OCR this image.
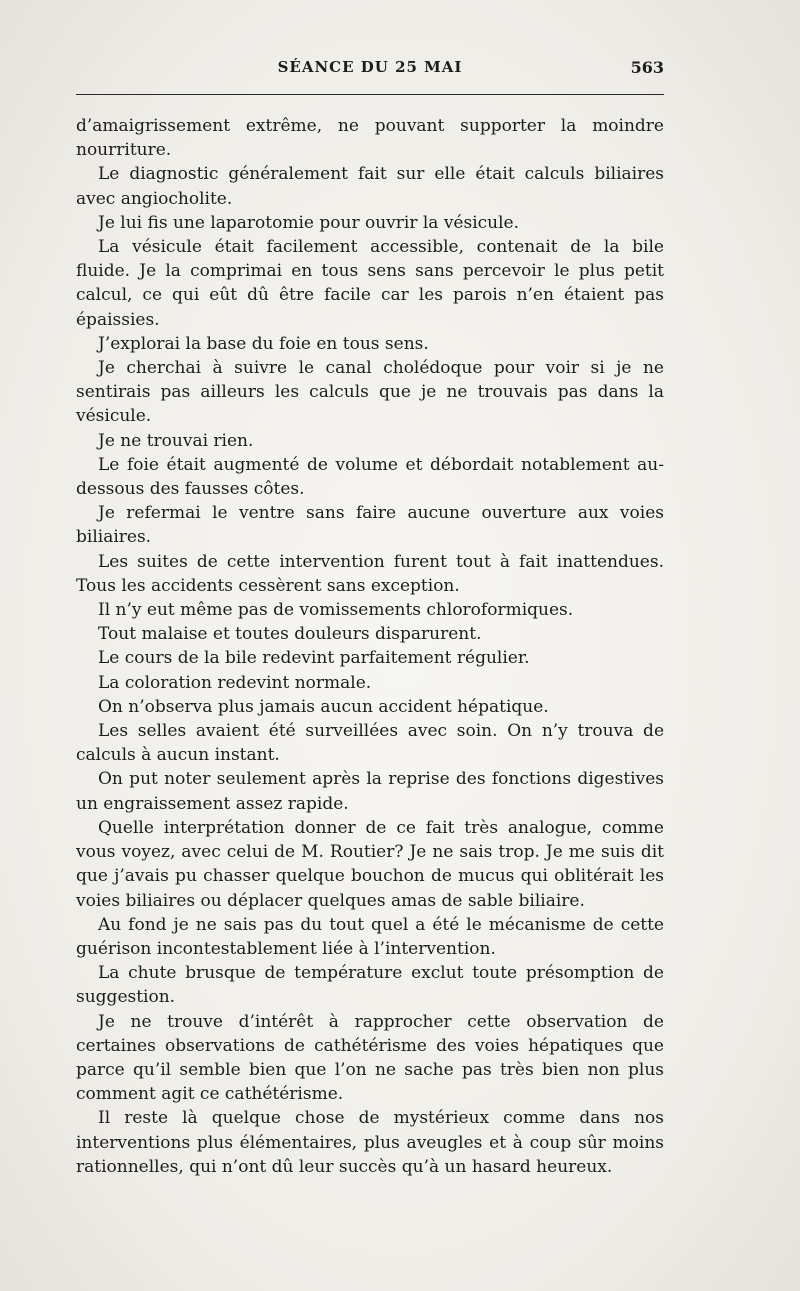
SÉANCE DU 25 MAI	563

d’amaigrissement extrême, ne pouvant supporter la moindre nourriture.

Le diagnostic généralement fait sur elle était calculs biliaires avec angiocholite.

Je lui fis une laparotomie pour ouvrir la vésicule.

La vésicule était facilement accessible, contenait de la bile fluide. Je la comprimai en tous sens sans percevoir le plus petit calcul, ce qui eût dû être facile car les parois n’en étaient pas épaissies.

J’explorai la base du foie en tous sens.

Je cherchai à suivre le canal cholédoque pour voir si je ne sentirais pas ailleurs les calculs que je ne trouvais pas dans la vésicule.

Je ne trouvai rien.

Le foie était augmenté de volume et débordait notablement au-dessous des fausses côtes.

Je refermai le ventre sans faire aucune ouverture aux voies biliaires.

Les suites de cette intervention furent tout à fait inattendues. Tous les accidents cessèrent sans exception.

Il n’y eut même pas de vomissements chloroformiques.

Tout malaise et toutes douleurs disparurent.

Le cours de la bile redevint parfaitement régulier.

La coloration redevint normale.

On n’observa plus jamais aucun accident hépatique.

Les selles avaient été surveillées avec soin. On n’y trouva de calculs à aucun instant.

On put noter seulement après la reprise des fonctions digestives un engraissement assez rapide.

Quelle interprétation donner de ce fait très analogue, comme vous voyez, avec celui de M. Routier? Je ne sais trop. Je me suis dit que j’avais pu chasser quelque bouchon de mucus qui oblitérait les voies biliaires ou déplacer quelques amas de sable biliaire.

Au fond je ne sais pas du tout quel a été le mécanisme de cette guérison incontestablement liée à l’intervention.

La chute brusque de température exclut toute présomption de suggestion.

Je ne trouve d’intérêt à rapprocher cette observation de certaines observations de cathétérisme des voies hépatiques que parce qu’il semble bien que l’on ne sache pas très bien non plus comment agit ce cathétérisme.

Il reste là quelque chose de mystérieux comme dans nos interventions plus élémentaires, plus aveugles et à coup sûr moins rationnelles, qui n’ont dû leur succès qu’à un hasard heureux.
